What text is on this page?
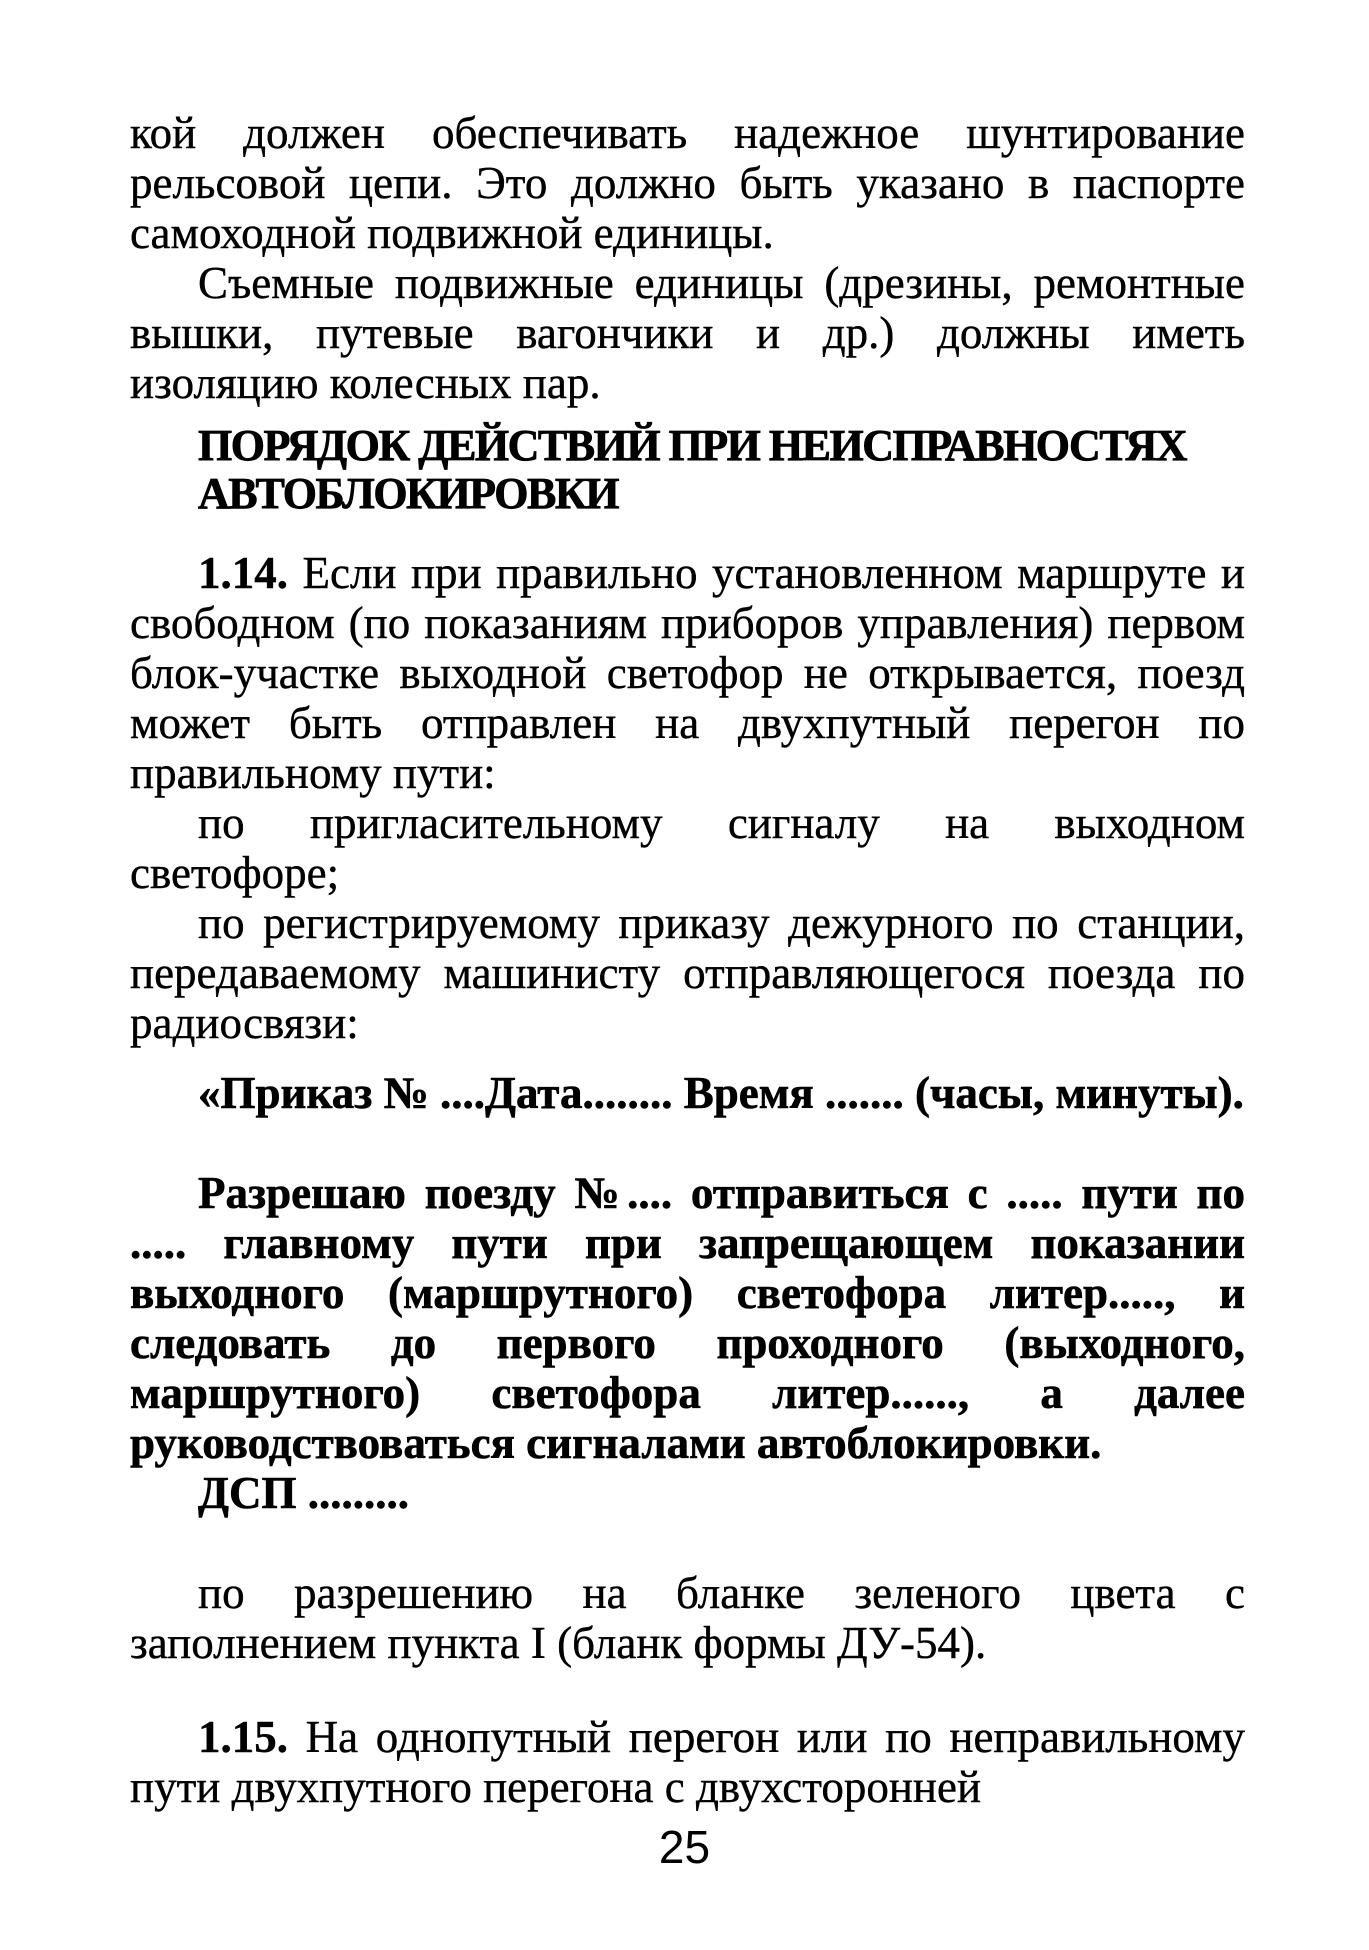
кой должен обеспечивать надежное шунтирование рельсовой цепи. Это должно быть указано в паспорте самоходной подвижной единицы.

Съемные подвижные единицы (дрезины, ремонтные вышки, путевые вагончики и др.) должны иметь изоляцию колесных пар.

ПОРЯДОК ДЕЙСТВИЙ ПРИ НЕИСПРАВНОСТЯХ АВТОБЛОКИРОВКИ

1.14. Если при правильно установленном маршруте и свободном (по показаниям приборов управления) первом блок-участке выходной светофор не открывается, поезд может быть отправлен на двухпутный перегон по правильному пути:

по пригласительному сигналу на выходном светофоре;

по регистрируемому приказу дежурного по станции, передаваемому машинисту отправляющегося поезда по радиосвязи:

«Приказ № ....Дата........ Время ....... (часы, минуты).

Разрешаю поезду №.... отправиться с ..... пути по ..... главному пути при запрещающем показании выходного (маршрутного) светофора литер....., и следовать до первого проходного (выходного, маршрутного) светофора литер......, а далее руководствоваться сигналами автоблокировки.

ДСП .........

по разрешению на бланке зеленого цвета с заполнением пункта I (бланк формы ДУ-54).

1.15. На однопутный перегон или по неправильному пути двухпутного перегона с двухсторонней

25
